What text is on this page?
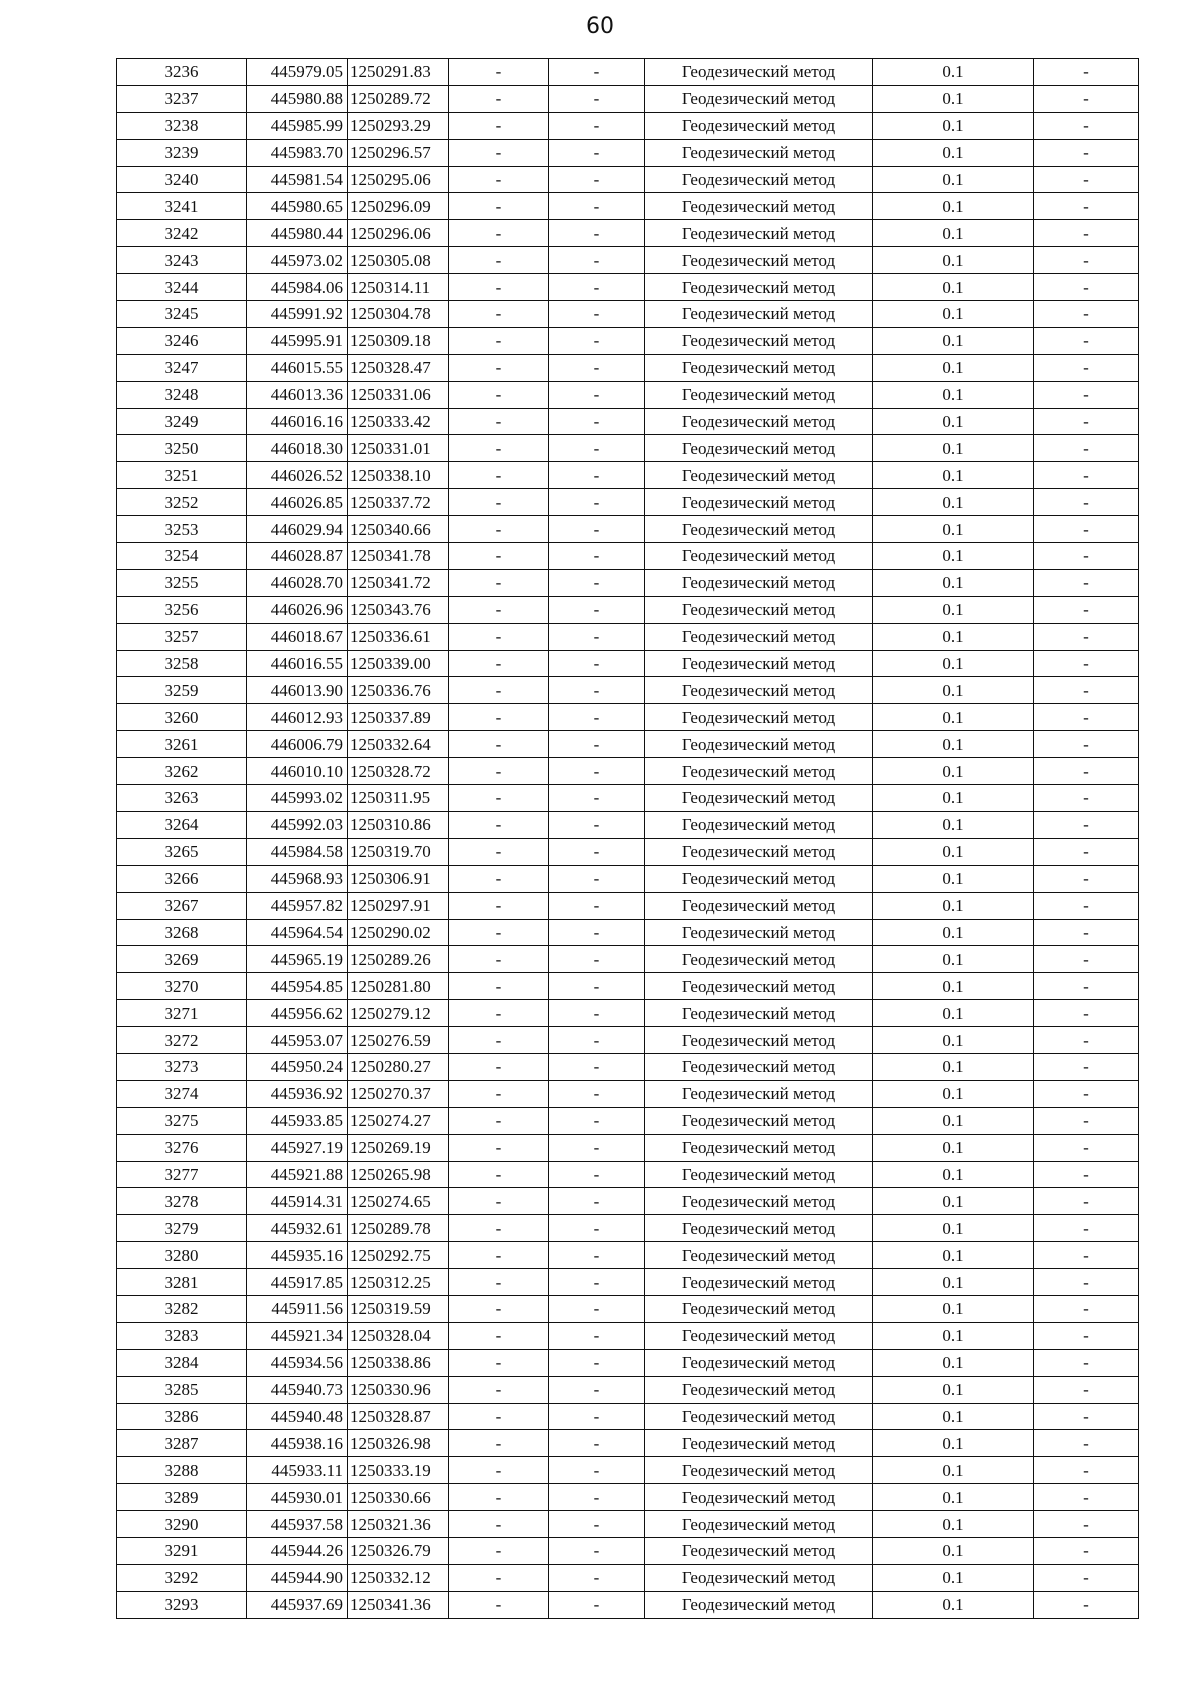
60
3236	445979.05	1250291.83	-	-	Геодезический метод	0.1	-
3237	445980.88	1250289.72	-	-	Геодезический метод	0.1	-
3238	445985.99	1250293.29	-	-	Геодезический метод	0.1	-
3239	445983.70	1250296.57	-	-	Геодезический метод	0.1	-
3240	445981.54	1250295.06	-	-	Геодезический метод	0.1	-
3241	445980.65	1250296.09	-	-	Геодезический метод	0.1	-
3242	445980.44	1250296.06	-	-	Геодезический метод	0.1	-
3243	445973.02	1250305.08	-	-	Геодезический метод	0.1	-
3244	445984.06	1250314.11	-	-	Геодезический метод	0.1	-
3245	445991.92	1250304.78	-	-	Геодезический метод	0.1	-
3246	445995.91	1250309.18	-	-	Геодезический метод	0.1	-
3247	446015.55	1250328.47	-	-	Геодезический метод	0.1	-
3248	446013.36	1250331.06	-	-	Геодезический метод	0.1	-
3249	446016.16	1250333.42	-	-	Геодезический метод	0.1	-
3250	446018.30	1250331.01	-	-	Геодезический метод	0.1	-
3251	446026.52	1250338.10	-	-	Геодезический метод	0.1	-
3252	446026.85	1250337.72	-	-	Геодезический метод	0.1	-
3253	446029.94	1250340.66	-	-	Геодезический метод	0.1	-
3254	446028.87	1250341.78	-	-	Геодезический метод	0.1	-
3255	446028.70	1250341.72	-	-	Геодезический метод	0.1	-
3256	446026.96	1250343.76	-	-	Геодезический метод	0.1	-
3257	446018.67	1250336.61	-	-	Геодезический метод	0.1	-
3258	446016.55	1250339.00	-	-	Геодезический метод	0.1	-
3259	446013.90	1250336.76	-	-	Геодезический метод	0.1	-
3260	446012.93	1250337.89	-	-	Геодезический метод	0.1	-
3261	446006.79	1250332.64	-	-	Геодезический метод	0.1	-
3262	446010.10	1250328.72	-	-	Геодезический метод	0.1	-
3263	445993.02	1250311.95	-	-	Геодезический метод	0.1	-
3264	445992.03	1250310.86	-	-	Геодезический метод	0.1	-
3265	445984.58	1250319.70	-	-	Геодезический метод	0.1	-
3266	445968.93	1250306.91	-	-	Геодезический метод	0.1	-
3267	445957.82	1250297.91	-	-	Геодезический метод	0.1	-
3268	445964.54	1250290.02	-	-	Геодезический метод	0.1	-
3269	445965.19	1250289.26	-	-	Геодезический метод	0.1	-
3270	445954.85	1250281.80	-	-	Геодезический метод	0.1	-
3271	445956.62	1250279.12	-	-	Геодезический метод	0.1	-
3272	445953.07	1250276.59	-	-	Геодезический метод	0.1	-
3273	445950.24	1250280.27	-	-	Геодезический метод	0.1	-
3274	445936.92	1250270.37	-	-	Геодезический метод	0.1	-
3275	445933.85	1250274.27	-	-	Геодезический метод	0.1	-
3276	445927.19	1250269.19	-	-	Геодезический метод	0.1	-
3277	445921.88	1250265.98	-	-	Геодезический метод	0.1	-
3278	445914.31	1250274.65	-	-	Геодезический метод	0.1	-
3279	445932.61	1250289.78	-	-	Геодезический метод	0.1	-
3280	445935.16	1250292.75	-	-	Геодезический метод	0.1	-
3281	445917.85	1250312.25	-	-	Геодезический метод	0.1	-
3282	445911.56	1250319.59	-	-	Геодезический метод	0.1	-
3283	445921.34	1250328.04	-	-	Геодезический метод	0.1	-
3284	445934.56	1250338.86	-	-	Геодезический метод	0.1	-
3285	445940.73	1250330.96	-	-	Геодезический метод	0.1	-
3286	445940.48	1250328.87	-	-	Геодезический метод	0.1	-
3287	445938.16	1250326.98	-	-	Геодезический метод	0.1	-
3288	445933.11	1250333.19	-	-	Геодезический метод	0.1	-
3289	445930.01	1250330.66	-	-	Геодезический метод	0.1	-
3290	445937.58	1250321.36	-	-	Геодезический метод	0.1	-
3291	445944.26	1250326.79	-	-	Геодезический метод	0.1	-
3292	445944.90	1250332.12	-	-	Геодезический метод	0.1	-
3293	445937.69	1250341.36	-	-	Геодезический метод	0.1	-
